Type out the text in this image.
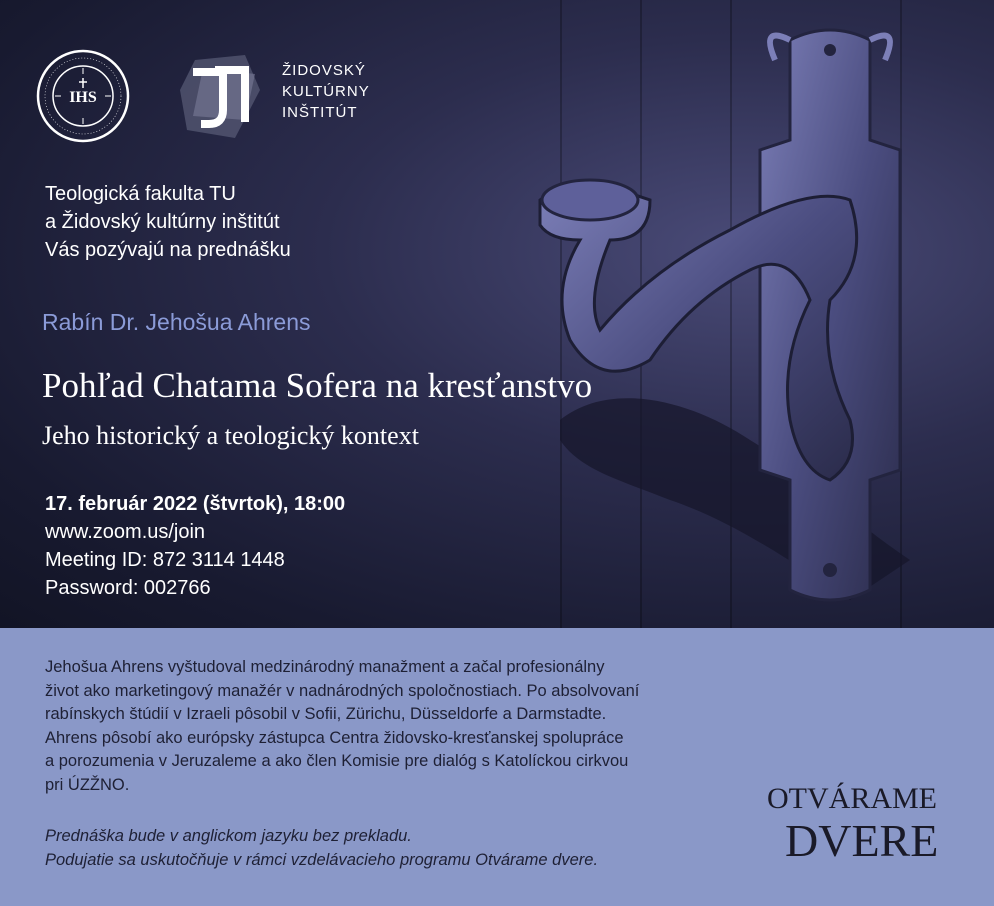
IHS
ŽIDOVSKÝ
KULTÚRNY
INŠTITÚT
Teologická fakulta TU
a Židovský kultúrny inštitút
Vás pozývajú na prednášku
Rabín Dr. Jehošua Ahrens
Pohľad Chatama Sofera na kresťanstvo
Jeho historický a teologický kontext
17. február 2022 (štvrtok), 18:00
www.zoom.us/join
Meeting ID: 872 3114 1448
Password: 002766
OTVÁRAME
DVERE
Jehošua Ahrens vyštudoval medzinárodný manažment a začal profesionálny
život ako marketingový manažér v nadnárodných spoločnostiach. Po absolvovaní
rabínskych štúdií v Izraeli pôsobil v Sofii, Zürichu, Düsseldorfe a Darmstadte.
Ahrens pôsobí ako európsky zástupca Centra židovsko-kresťanskej spolupráce
a porozumenia v Jeruzaleme a ako člen Komisie pre dialóg s Katolíckou cirkvou
pri ÚZŽNO.
Prednáška bude v anglickom jazyku bez prekladu.
Podujatie sa uskutočňuje v rámci vzdelávacieho programu Otvárame dvere.
